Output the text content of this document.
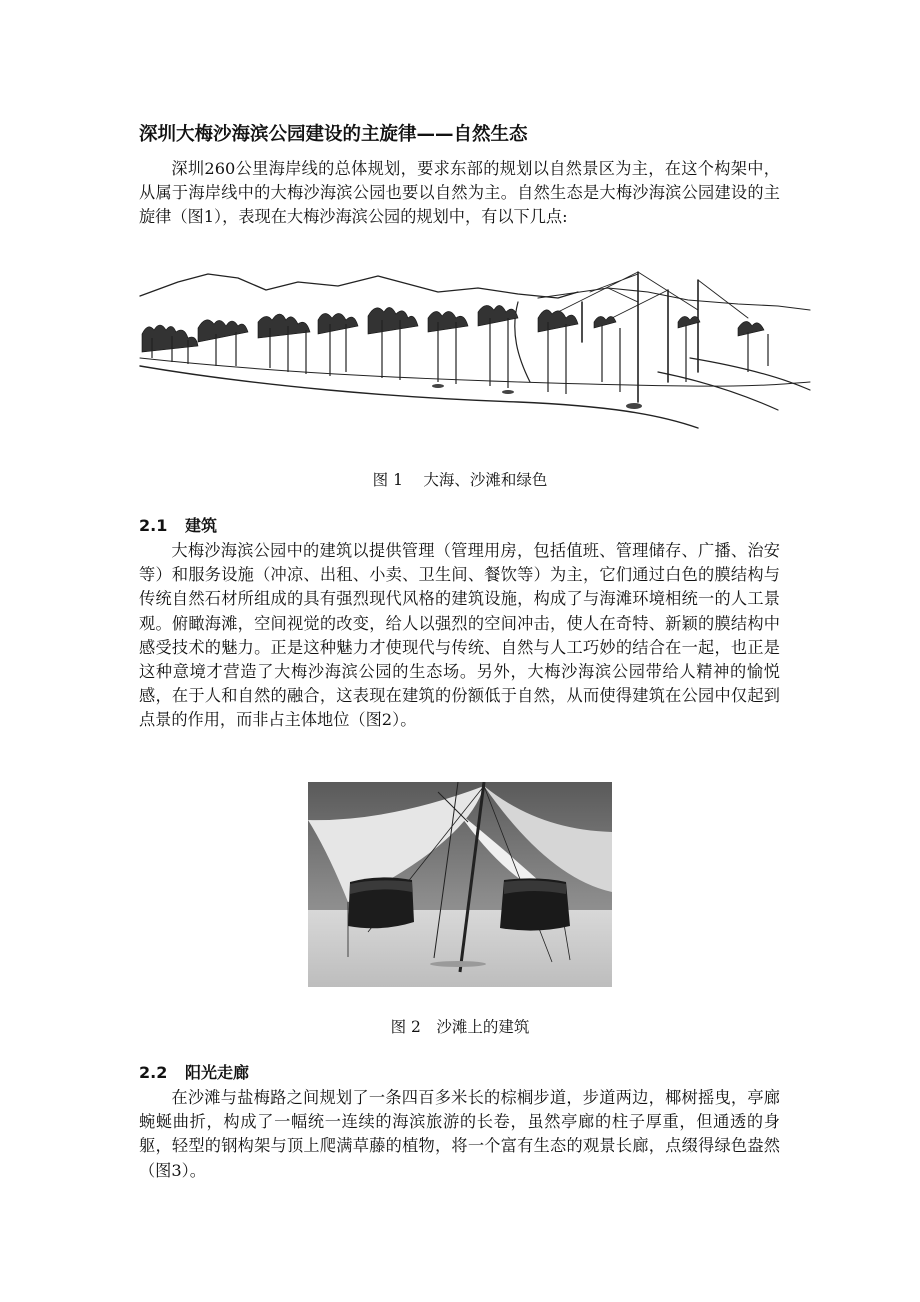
深圳大梅沙海滨公园建设的主旋律——自然生态

深圳260公里海岸线的总体规划，要求东部的规划以自然景区为主，在这个构架中，从属于海岸线中的大梅沙海滨公园也要以自然为主。自然生态是大梅沙海滨公园建设的主旋律（图1），表现在大梅沙海滨公园的规划中，有以下几点:

图 1　 大海、沙滩和绿色

2.1 建筑

大梅沙海滨公园中的建筑以提供管理（管理用房，包括值班、管理储存、广播、治安等）和服务设施（冲凉、出租、小卖、卫生间、餐饮等）为主，它们通过白色的膜结构与传统自然石材所组成的具有强烈现代风格的建筑设施，构成了与海滩环境相统一的人工景观。俯瞰海滩，空间视觉的改变，给人以强烈的空间冲击，使人在奇特、新颖的膜结构中感受技术的魅力。正是这种魅力才使现代与传统、自然与人工巧妙的结合在一起，也正是这种意境才营造了大梅沙海滨公园的生态场。另外，大梅沙海滨公园带给人精神的愉悦感，在于人和自然的融合，这表现在建筑的份额低于自然，从而使得建筑在公园中仅起到点景的作用，而非占主体地位（图2）。

图 2　沙滩上的建筑

2.2 阳光走廊

在沙滩与盐梅路之间规划了一条四百多米长的棕榈步道，步道两边，椰树摇曳，亭廊蜿蜒曲折，构成了一幅统一连续的海滨旅游的长卷，虽然亭廊的柱子厚重，但通透的身躯，轻型的钢构架与顶上爬满草藤的植物，将一个富有生态的观景长廊，点缀得绿色盎然（图3）。
